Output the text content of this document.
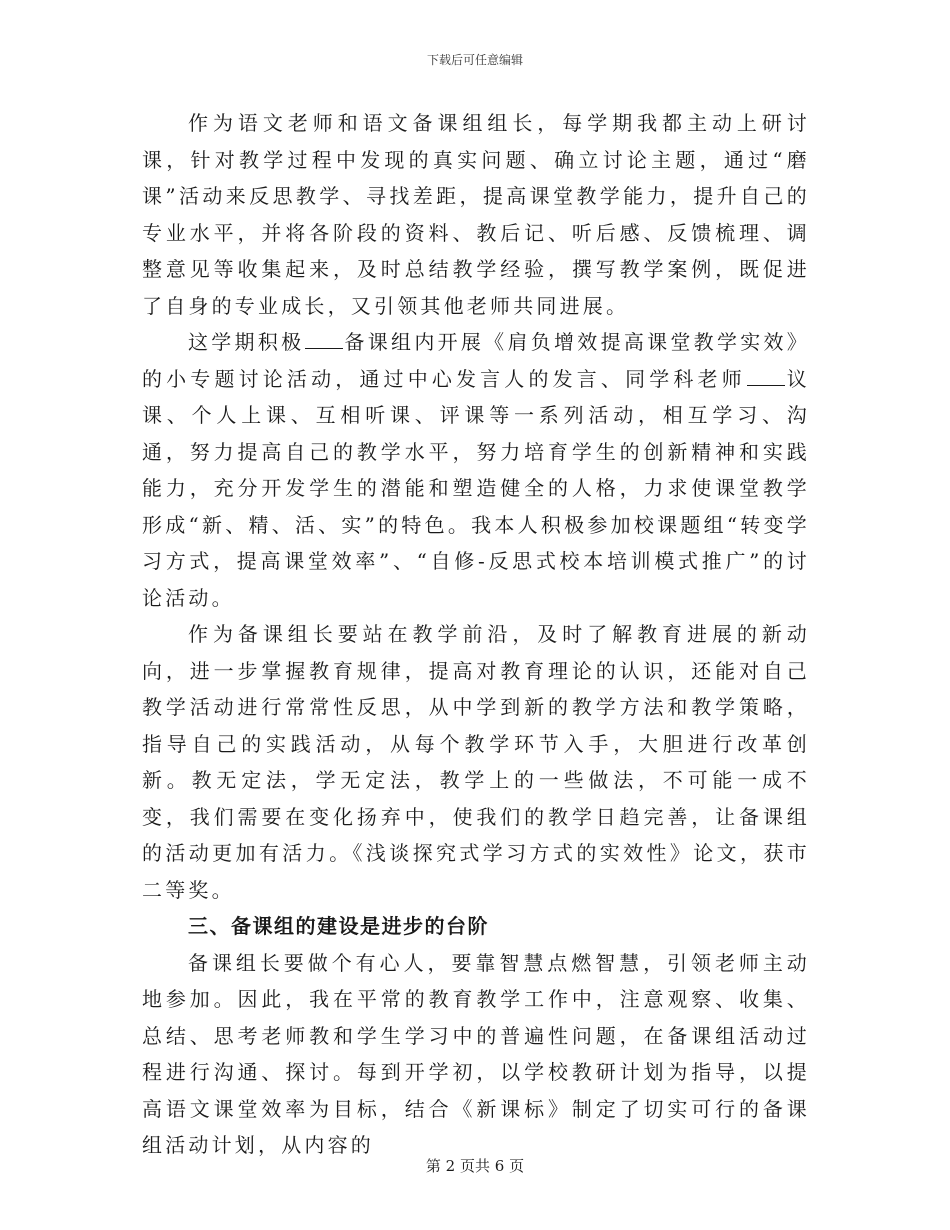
下载后可任意编辑

作为语文老师和语文备课组组长，每学期我都主动上研讨课，针对教学过程中发现的真实问题、确立讨论主题，通过“磨课”活动来反思教学、寻找差距，提高课堂教学能力，提升自己的专业水平，并将各阶段的资料、教后记、听后感、反馈梳理、调整意见等收集起来，及时总结教学经验，撰写教学案例，既促进了自身的专业成长，又引领其他老师共同进展。

这学期积极 备课组内开展《肩负增效提高课堂教学实效》的小专题讨论活动，通过中心发言人的发言、同学科老师 议课、个人上课、互相听课、评课等一系列活动，相互学习、沟通，努力提高自己的教学水平，努力培育学生的创新精神和实践能力，充分开发学生的潜能和塑造健全的人格，力求使课堂教学形成“新、精、活、实”的特色。我本人积极参加校课题组“转变学习方式，提高课堂效率”、“自修-反思式校本培训模式推广”的讨论活动。

作为备课组长要站在教学前沿，及时了解教育进展的新动向，进一步掌握教育规律，提高对教育理论的认识，还能对自己教学活动进行常常性反思，从中学到新的教学方法和教学策略，指导自己的实践活动，从每个教学环节入手，大胆进行改革创新。教无定法，学无定法，教学上的一些做法，不可能一成不变，我们需要在变化扬弃中，使我们的教学日趋完善，让备课组的活动更加有活力。《浅谈探究式学习方式的实效性》论文，获市二等奖。

三、备课组的建设是进步的台阶

备课组长要做个有心人，要靠智慧点燃智慧，引领老师主动地参加。因此，我在平常的教育教学工作中，注意观察、收集、总结、思考老师教和学生学习中的普遍性问题，在备课组活动过程进行沟通、探讨。每到开学初，以学校教研计划为指导，以提高语文课堂效率为目标，结合《新课标》制定了切实可行的备课组活动计划，从内容的

第 2 页共 6 页
